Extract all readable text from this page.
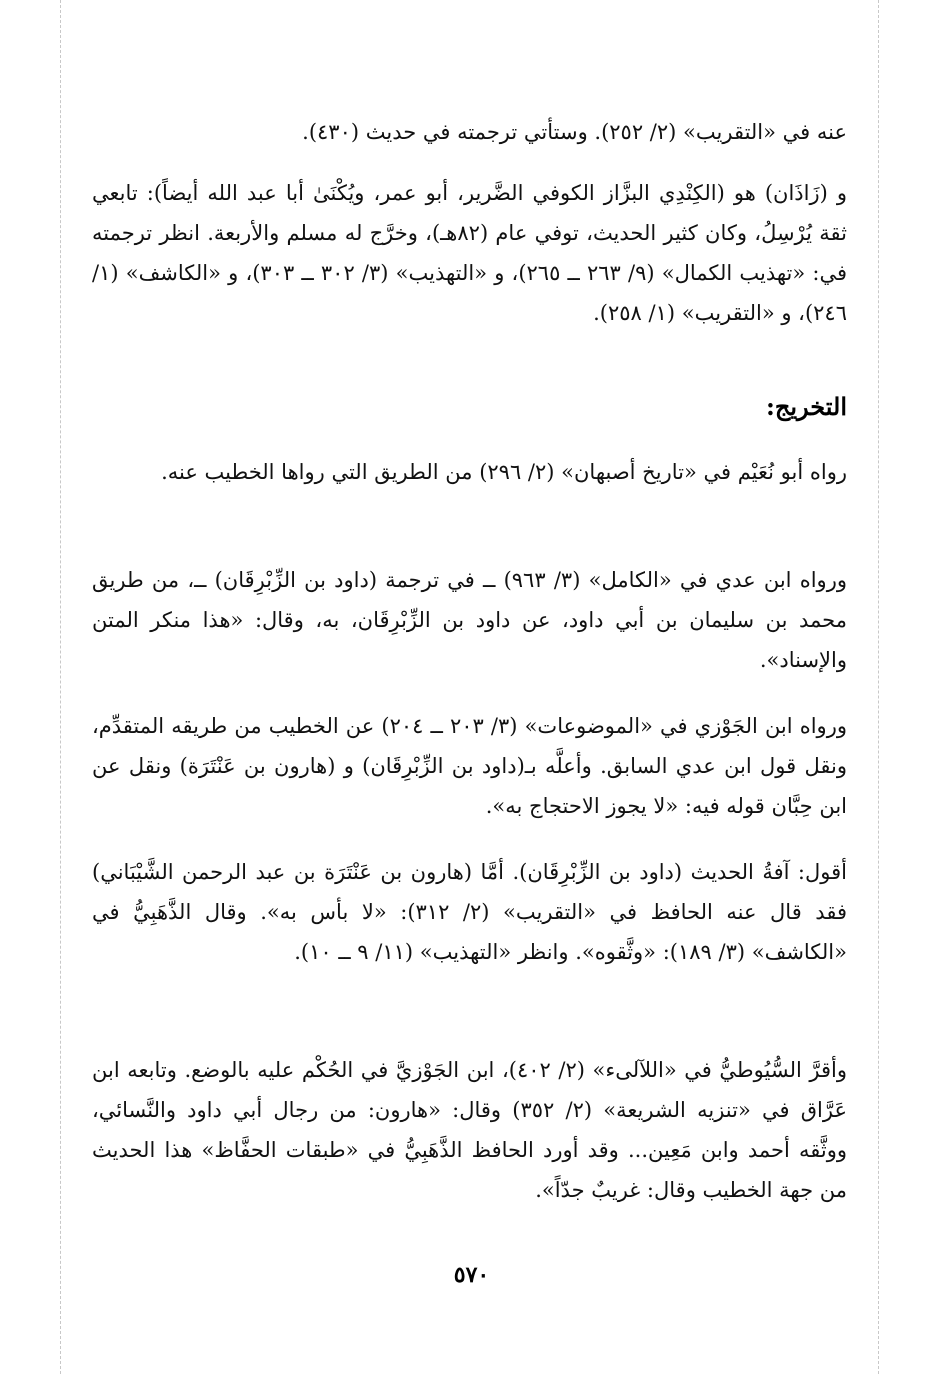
عنه في «التقريب» (٢/ ٢٥٢). وستأتي ترجمته في حديث (٤٣٠).

و (زَاذَان) هو (الكِنْدِي البزَّاز الكوفي الضَّرير، أبو عمر، ويُكْنَىٰ أبا عبد الله أيضاً): تابعي ثقة يُرْسِلُ، وكان كثير الحديث، توفي عام (٨٢هـ)، وخرَّج له مسلم والأربعة. انظر ترجمته في: «تهذيب الكمال» (٩/ ٢٦٣ ــ ٢٦٥)، و «التهذيب» (٣/ ٣٠٢ ــ ٣٠٣)، و «الكاشف» (١/ ٢٤٦)، و «التقريب» (١/ ٢٥٨).

التخريج:

رواه أبو نُعَيْم في «تاريخ أصبهان» (٢/ ٢٩٦) من الطريق التي رواها الخطيب عنه.

ورواه ابن عدي في «الكامل» (٣/ ٩٦٣) ــ في ترجمة (داود بن الزِّبْرِقَان) ــ، من طريق محمد بن سليمان بن أبي داود، عن داود بن الزِّبْرِقَان، به، وقال: «هذا منكر المتن والإسناد».

ورواه ابن الجَوْزي في «الموضوعات» (٣/ ٢٠٣ ــ ٢٠٤) عن الخطيب من طريقه المتقدِّم، ونقل قول ابن عدي السابق. وأعلَّه بـ(داود بن الزِّبْرِقَان) و (هارون بن عَنْتَرَة) ونقل عن ابن حِبَّان قوله فيه: «لا يجوز الاحتجاج به».

أقول: آفةُ الحديث (داود بن الزِّبْرِقَان). أمَّا (هارون بن عَنْتَرَة بن عبد الرحمن الشَّيْبَاني) فقد قال عنه الحافظ في «التقريب» (٢/ ٣١٢): «لا بأس به». وقال الذَّهَبِيُّ في «الكاشف» (٣/ ١٨٩): «وثَّقوه». وانظر «التهذيب» (١١/ ٩ ــ ١٠).

وأقرَّ السُّيُوطيُّ في «اللآلىء» (٢/ ٤٠٢)، ابن الجَوْزيَّ في الحُكْم عليه بالوضع. وتابعه ابن عَرَّاق في «تنزيه الشريعة» (٢/ ٣٥٢) وقال: «هارون: من رجال أبي داود والنَّسائي، ووثَّقه أحمد وابن مَعِين... وقد أورد الحافظ الذَّهَبِيُّ في «طبقات الحفَّاظ» هذا الحديث من جهة الخطيب وقال: غريبٌ جدّاً».

٥٧٠
